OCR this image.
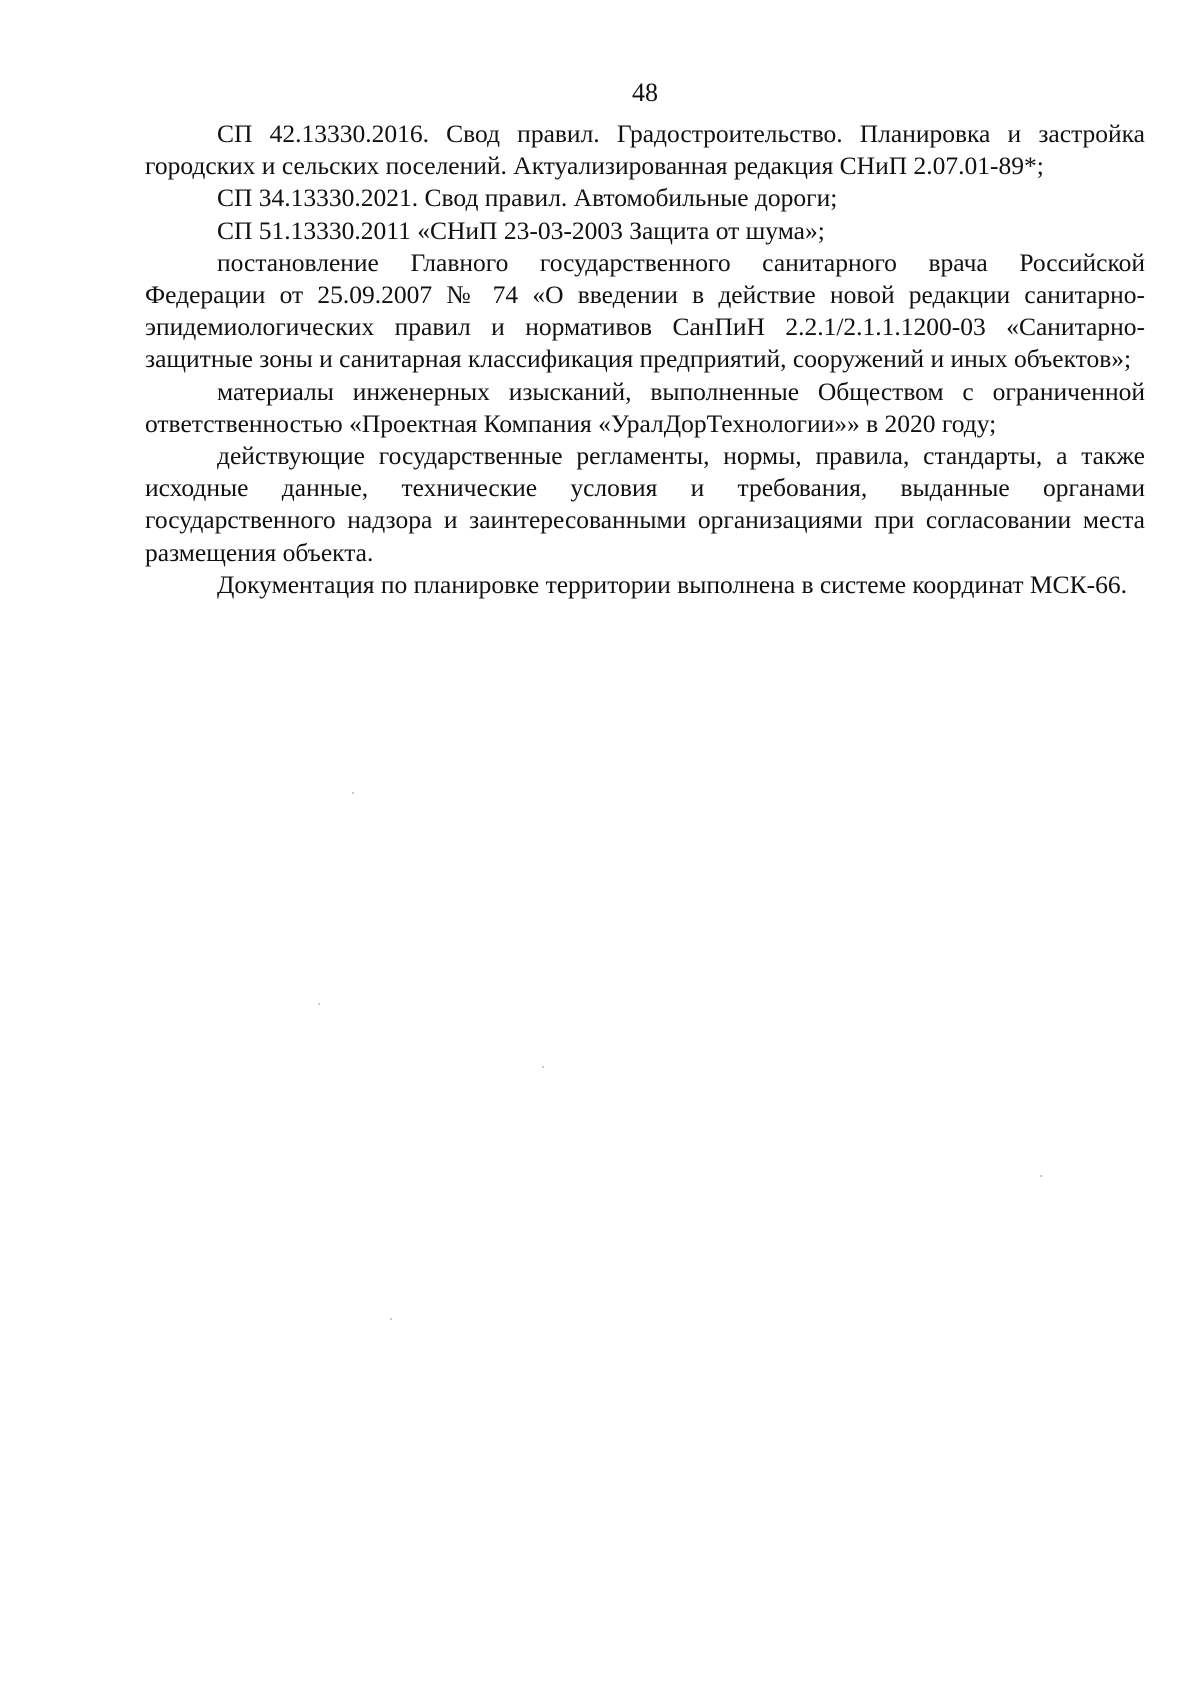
48

СП 42.13330.2016. Свод правил. Градостроительство. Планировка и застройка городских и сельских поселений. Актуализированная редакция СНиП 2.07.01-89*;

СП 34.13330.2021. Свод правил. Автомобильные дороги;

СП 51.13330.2011 «СНиП 23-03-2003 Защита от шума»;

постановление Главного государственного санитарного врача Российской Федерации от 25.09.2007 № 74 «О введении в действие новой редакции санитарно-эпидемиологических правил и нормативов СанПиН 2.2.1/2.1.1.1200-03 «Санитарно-защитные зоны и санитарная классификация предприятий, сооружений и иных объектов»;

материалы инженерных изысканий, выполненные Обществом с ограниченной ответственностью «Проектная Компания «УралДорТехнологии»» в 2020 году;

действующие государственные регламенты, нормы, правила, стандарты, а также исходные данные, технические условия и требования, выданные органами государственного надзора и заинтересованными организациями при согласовании места размещения объекта.

Документация по планировке территории выполнена в системе координат МСК-66.
